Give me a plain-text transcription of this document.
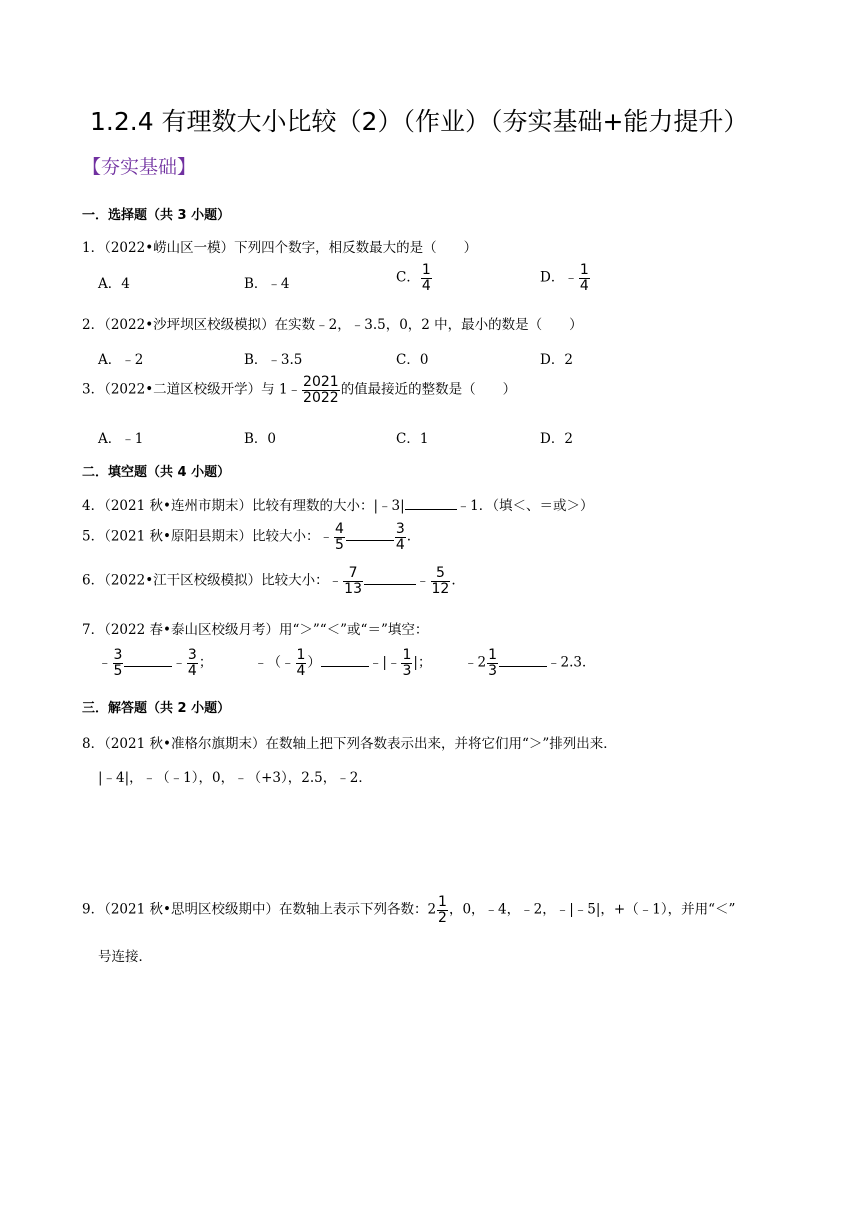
1.2.4 有理数大小比较（2）（作业）（夯实基础+能力提升）
【夯实基础】
一．选择题（共 3 小题）
1．（2022•崂山区一模）下列四个数字，相反数最大的是（　　）
A．4	B．﹣4	C． $\frac{1}{4}$	D．﹣ $\frac{1}{4}$
2．（2022•沙坪坝区校级模拟）在实数﹣2，﹣3.5，0，2 中，最小的数是（　　）
A．﹣2	B．﹣3.5	C．0	D．2
3．（2022•二道区校级开学）与 1﹣ $\frac{2021}{2022}$ 的值最接近的整数是（　　）
A．﹣1	B．0	C．1	D．2
二．填空题（共 4 小题）
4．（2021 秋•连州市期末）比较有理数的大小：|﹣3|	﹣1．（填＜、＝或＞）
5．（2021 秋•原阳县期末）比较大小：﹣ $\frac{4}{5}$	$\frac{3}{4}$ .
6．（2022•江干区校级模拟）比较大小：﹣ $\frac{7}{13}$	﹣ $\frac{5}{12}$ .
7．（2022 春•泰山区校级月考）用“＞”“＜”或“＝”填空：
﹣ $\frac{3}{5}$	﹣ $\frac{3}{4}$ ；	﹣（﹣ $\frac{1}{4}$ ）	﹣|﹣ $\frac{1}{3}$ |； ﹣2 $\frac{1}{3}$	﹣2.3．
三．解答题（共 2 小题）
8．（2021 秋•准格尔旗期末）在数轴上把下列各数表示出来，并将它们用“＞”排列出来．
|﹣4|，﹣（﹣1），0，﹣（+3），2.5，﹣2．
9．（2021 秋•思明区校级期中）在数轴上表示下列各数：$2 \frac{1}{2}$ ，0，﹣4，﹣2，﹣|﹣5|，+（﹣1），并用“＜”
号连接．
